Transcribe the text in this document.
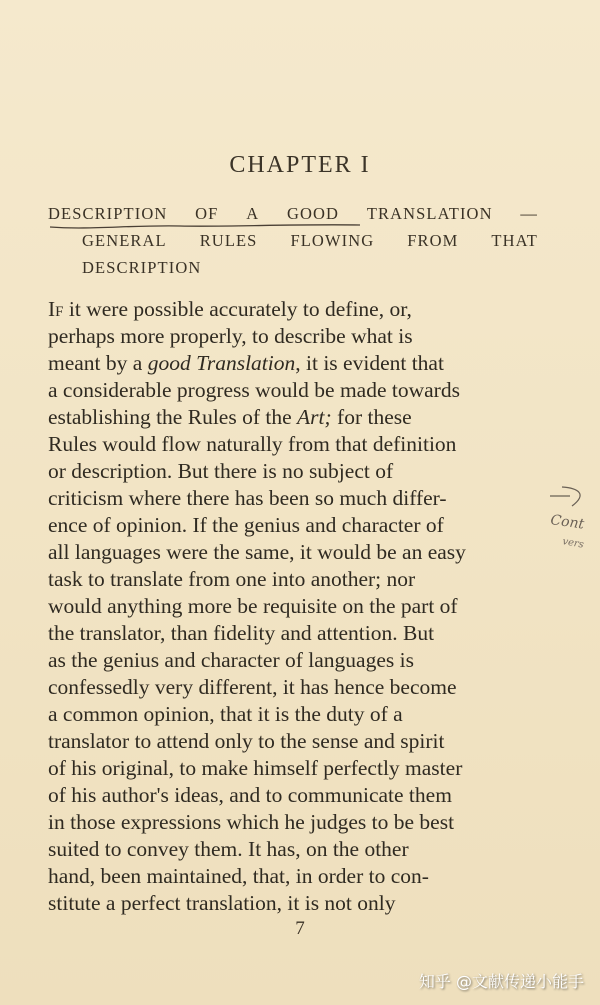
CHAPTER I
DESCRIPTION OF A GOOD TRANSLATION —
GENERAL RULES FLOWING FROM THAT
DESCRIPTION
If it were possible accurately to define, or,
perhaps more properly, to describe what is
meant by a good Translation, it is evident that
a considerable progress would be made towards
establishing the Rules of the Art; for these
Rules would flow naturally from that definition
or description. But there is no subject of
criticism where there has been so much differ-
ence of opinion. If the genius and character of
all languages were the same, it would be an easy
task to translate from one into another; nor
would anything more be requisite on the part of
the translator, than fidelity and attention. But
as the genius and character of languages is
confessedly very different, it has hence become
a common opinion, that it is the duty of a
translator to attend only to the sense and spirit
of his original, to make himself perfectly master
of his author's ideas, and to communicate them
in those expressions which he judges to be best
suited to convey them. It has, on the other
hand, been maintained, that, in order to con-
stitute a perfect translation, it is not only
Cont
vers
7
知乎 @文献传递小能手
